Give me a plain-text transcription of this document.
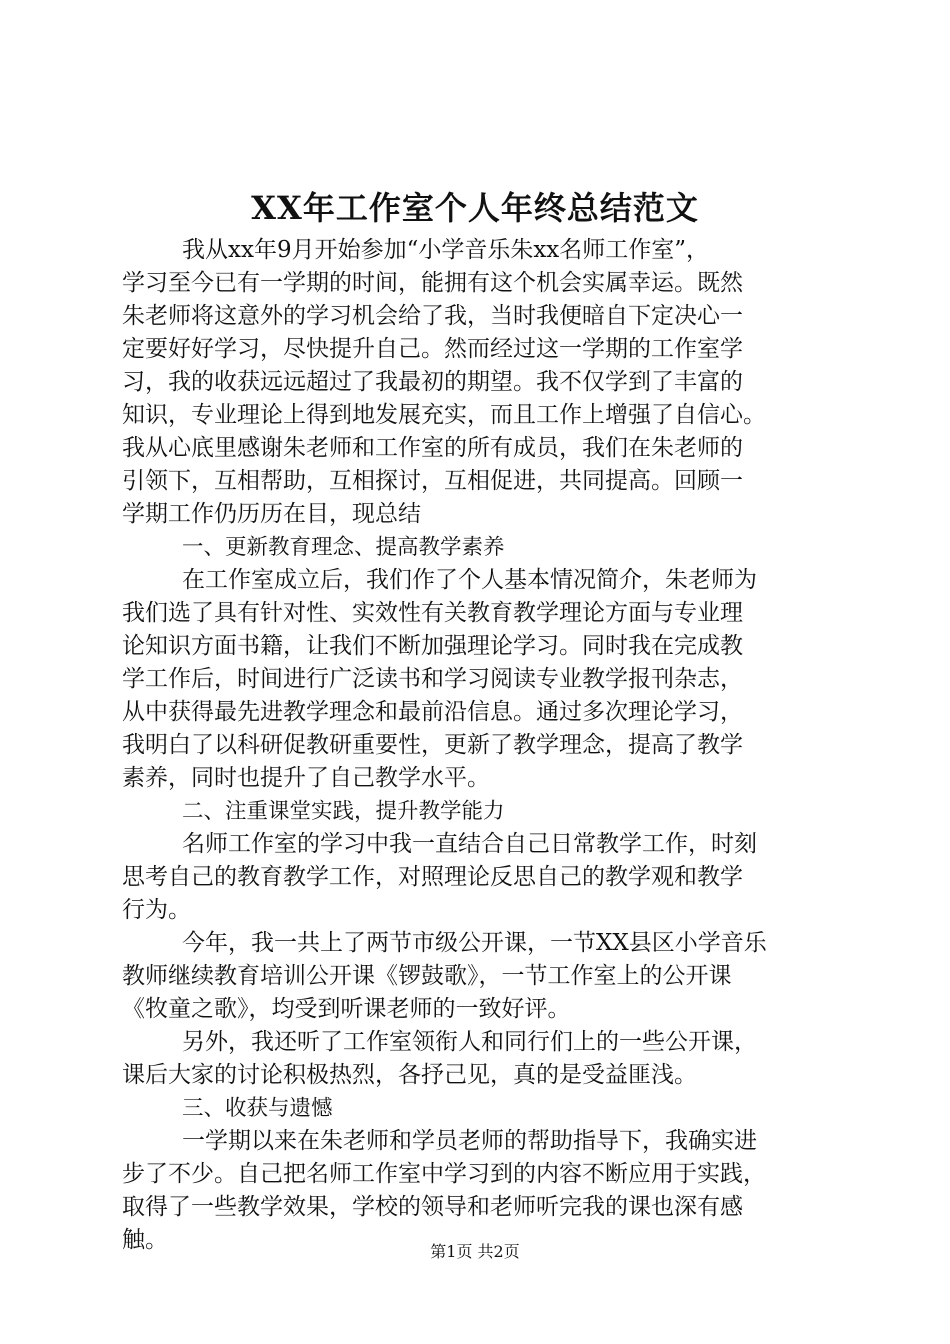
XX年工作室个人年终总结范文
我从xx年9月开始参加“小学音乐朱xx名师工作室”，
学习至今已有一学期的时间，能拥有这个机会实属幸运。既然
朱老师将这意外的学习机会给了我，当时我便暗自下定决心一
定要好好学习，尽快提升自己。然而经过这一学期的工作室学
习，我的收获远远超过了我最初的期望。我不仅学到了丰富的
知识，专业理论上得到地发展充实，而且工作上增强了自信心。
我从心底里感谢朱老师和工作室的所有成员，我们在朱老师的
引领下，互相帮助，互相探讨，互相促进，共同提高。回顾一
学期工作仍历历在目，现总结
一、更新教育理念、提高教学素养
在工作室成立后，我们作了个人基本情况简介，朱老师为
我们选了具有针对性、实效性有关教育教学理论方面与专业理
论知识方面书籍，让我们不断加强理论学习。同时我在完成教
学工作后，时间进行广泛读书和学习阅读专业教学报刊杂志，
从中获得最先进教学理念和最前沿信息。通过多次理论学习，
我明白了以科研促教研重要性，更新了教学理念，提高了教学
素养，同时也提升了自己教学水平。
二、注重课堂实践，提升教学能力
名师工作室的学习中我一直结合自己日常教学工作，时刻
思考自己的教育教学工作，对照理论反思自己的教学观和教学
行为。
今年，我一共上了两节市级公开课，一节XX县区小学音乐
教师继续教育培训公开课《锣鼓歌》，一节工作室上的公开课
《牧童之歌》，均受到听课老师的一致好评。
另外，我还听了工作室领衔人和同行们上的一些公开课，
课后大家的讨论积极热烈，各抒己见，真的是受益匪浅。
三、收获与遗憾
一学期以来在朱老师和学员老师的帮助指导下，我确实进
步了不少。自己把名师工作室中学习到的内容不断应用于实践，
取得了一些教学效果，学校的领导和老师听完我的课也深有感
触。	第1页 共2页
